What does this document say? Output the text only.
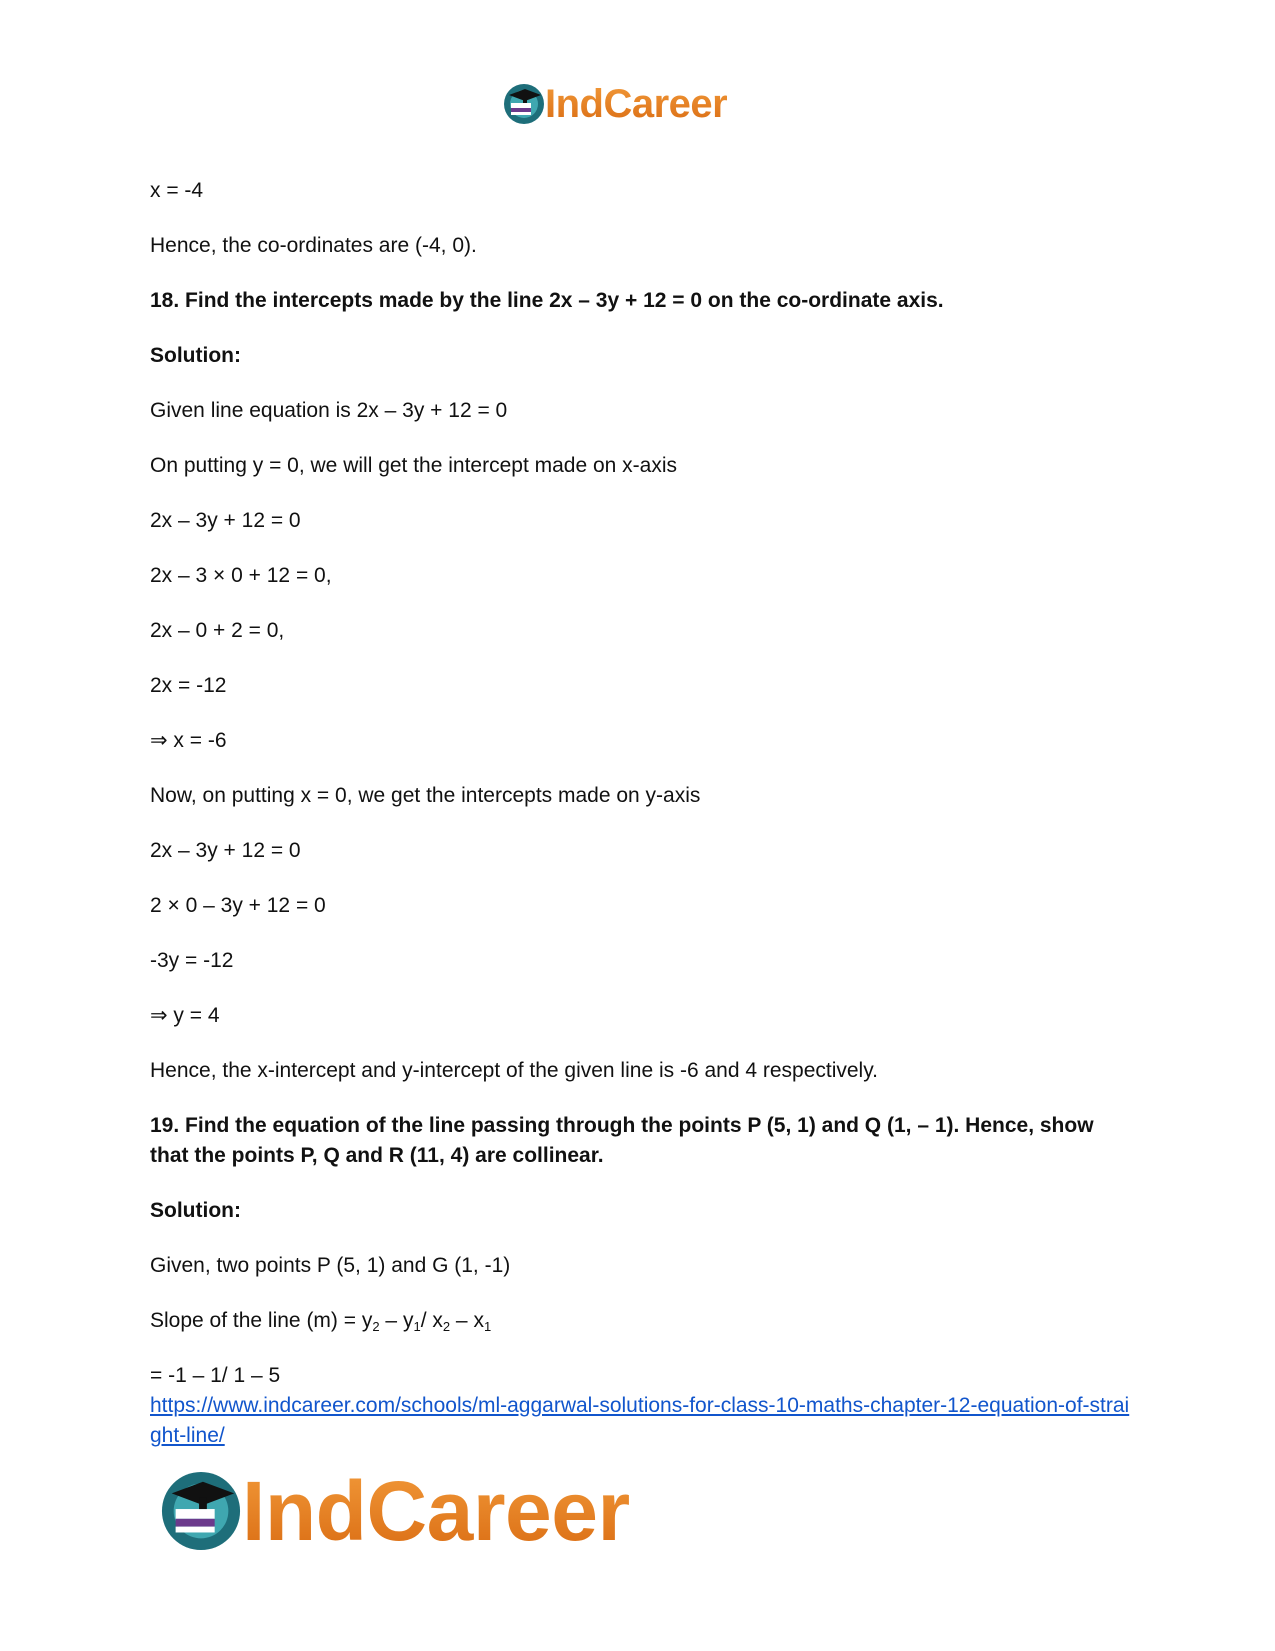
IndCareer

x = -4

Hence, the co-ordinates are (-4, 0).

18. Find the intercepts made by the line 2x – 3y + 12 = 0 on the co-ordinate axis.

Solution:

Given line equation is 2x – 3y + 12 = 0

On putting y = 0, we will get the intercept made on x-axis

2x – 3y + 12 = 0

2x – 3 × 0 + 12 = 0,

2x – 0 + 2 = 0,

2x = -12

⇒ x = -6

Now, on putting x = 0, we get the intercepts made on y-axis

2x – 3y + 12 = 0

2 × 0 – 3y + 12 = 0

-3y = -12

⇒ y = 4

Hence, the x-intercept and y-intercept of the given line is -6 and 4 respectively.

19. Find the equation of the line passing through the points P (5, 1) and Q (1, – 1). Hence, show that the points P, Q and R (11, 4) are collinear.

Solution:

Given, two points P (5, 1) and G (1, -1)

Slope of the line $(m) = y_2 - y_1/$ $x_2 - x_1$

= -1 – 1/ 1 – 5

https://www.indcareer.com/schools/ml-aggarwal-solutions-for-class-10-maths-chapter-12-equation-of-straight-line/
IndCareer
